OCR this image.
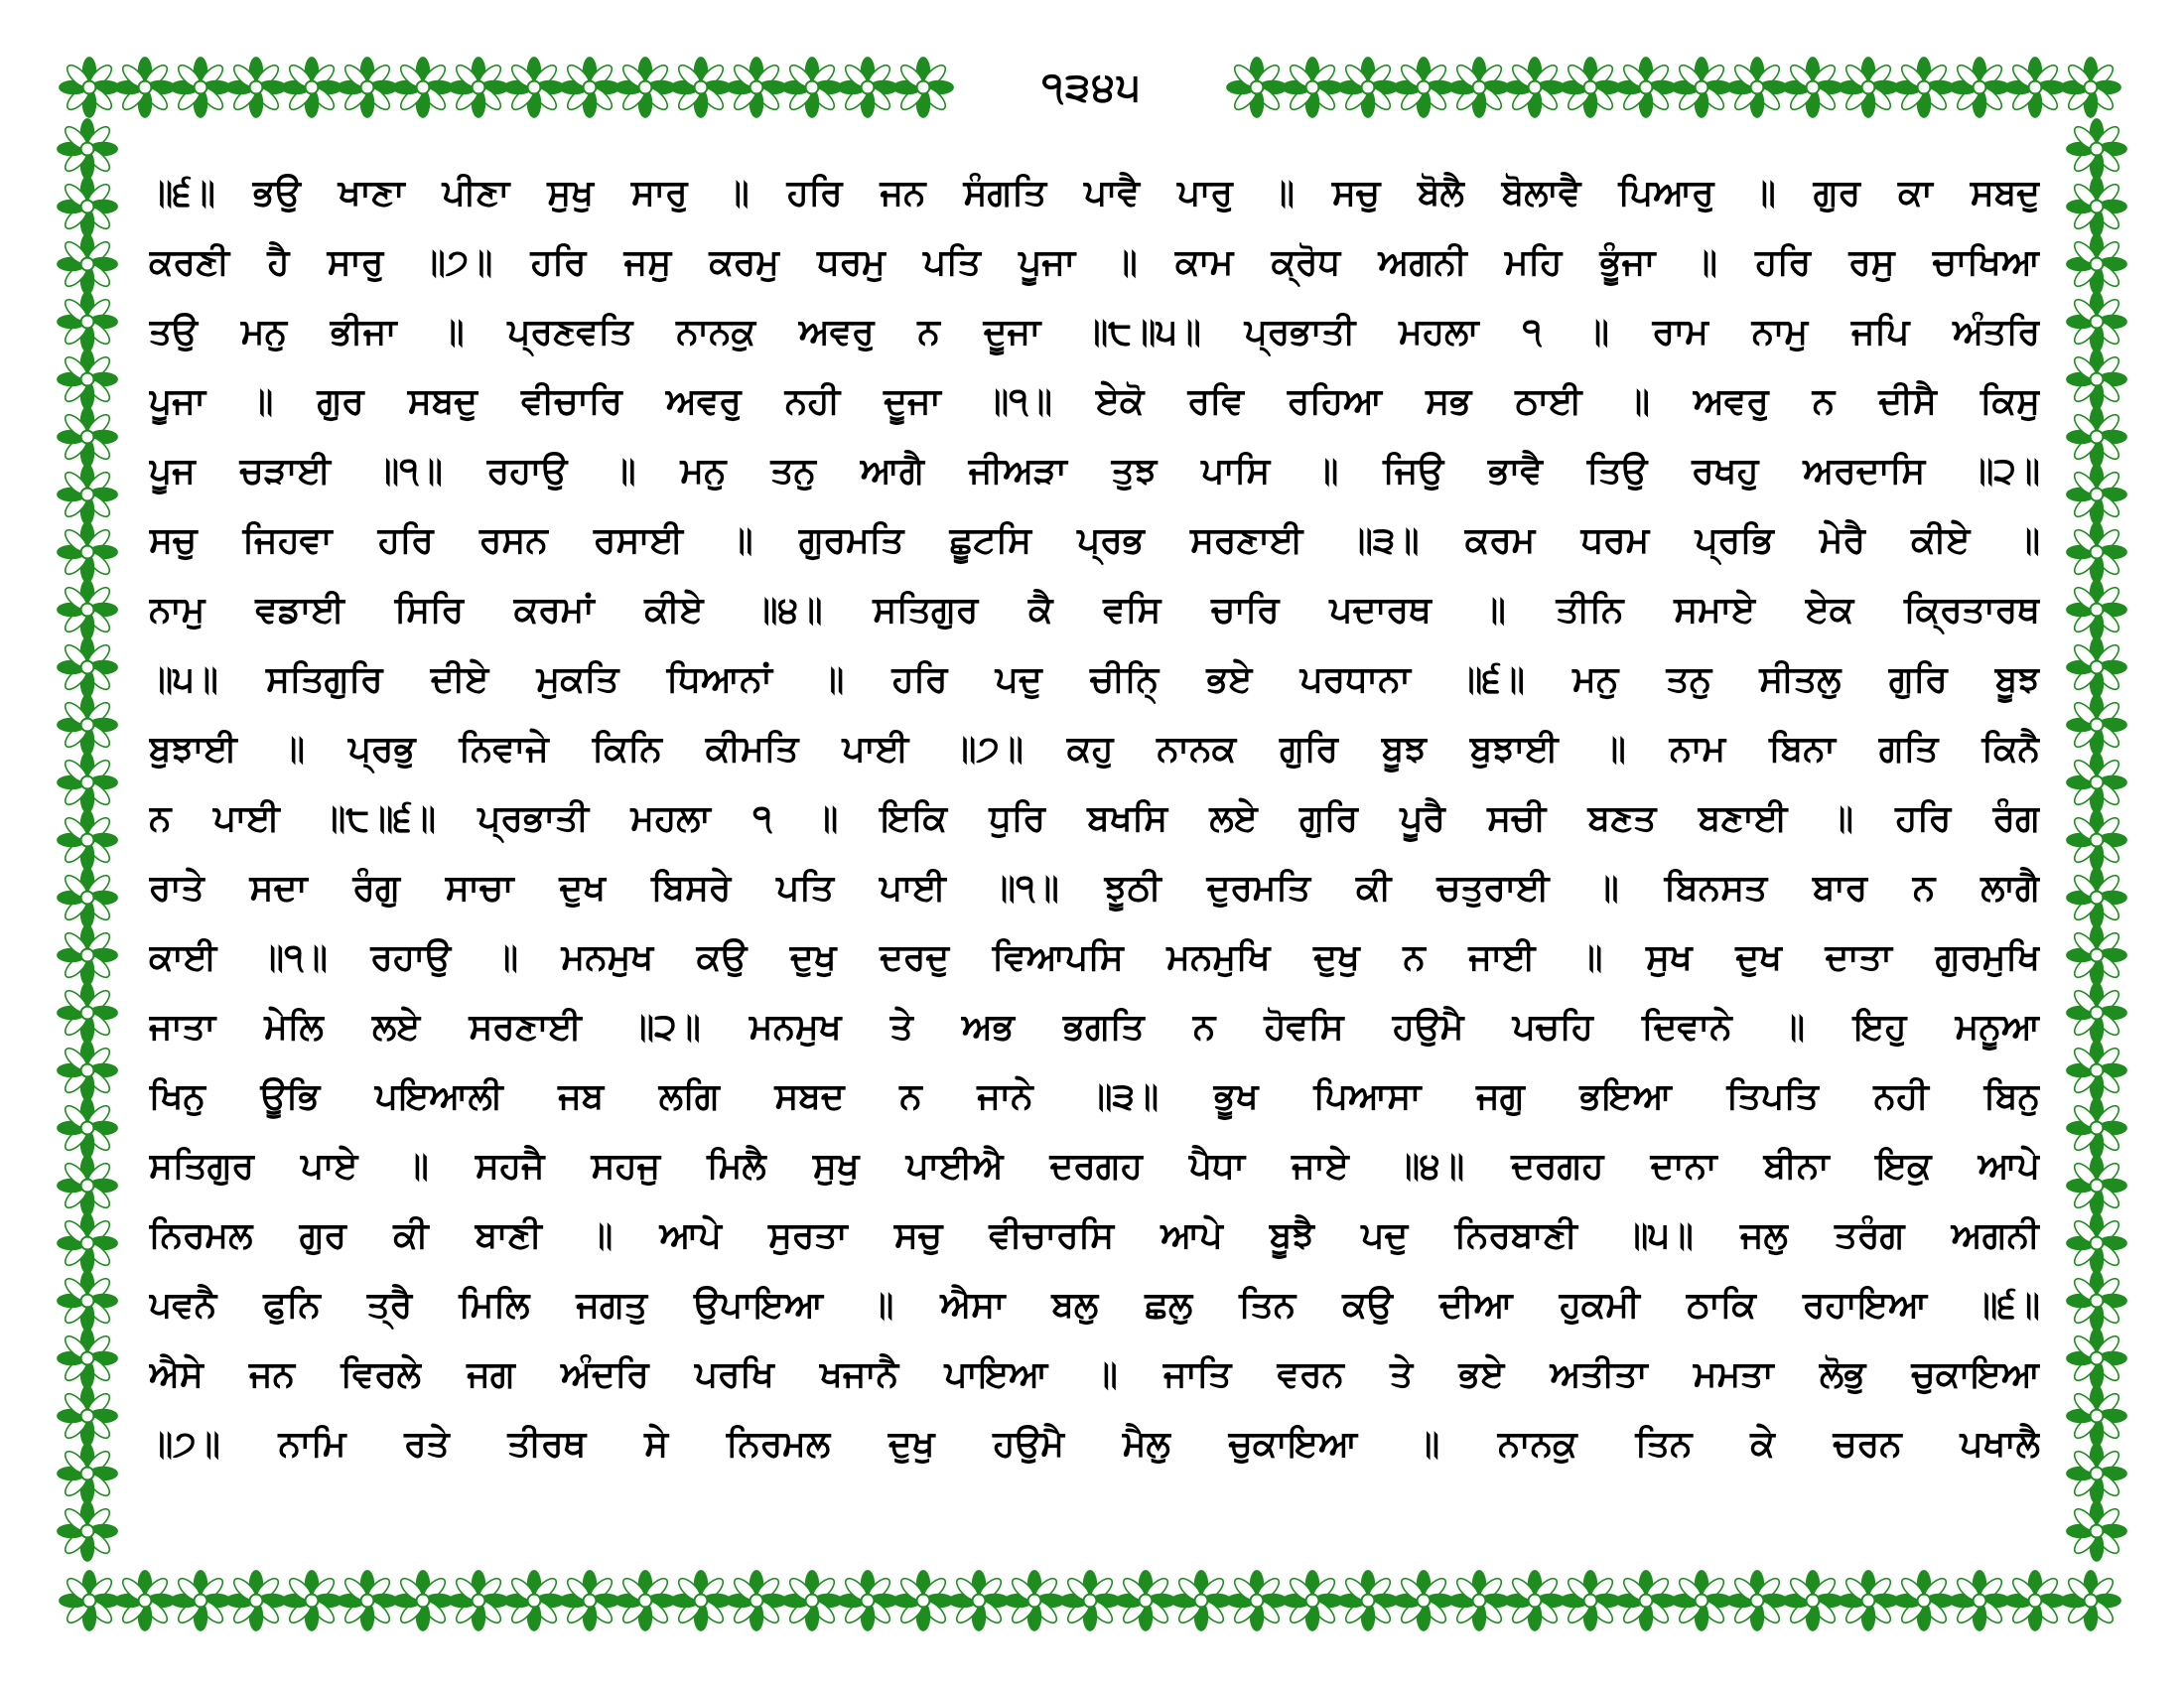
੧੩੪੫
॥੬॥ ਭਉ ਖਾਣਾ ਪੀਣਾ ਸੁਖੁ ਸਾਰੁ ॥ ਹਰਿ ਜਨ ਸੰਗਤਿ ਪਾਵੈ ਪਾਰੁ ॥ ਸਚੁ ਬੋਲੈ ਬੋਲਾਵੈ ਪਿਆਰੁ ॥ ਗੁਰ ਕਾ ਸਬਦੁ
ਕਰਣੀ ਹੈ ਸਾਰੁ ॥੭॥ ਹਰਿ ਜਸੁ ਕਰਮੁ ਧਰਮੁ ਪਤਿ ਪੂਜਾ ॥ ਕਾਮ ਕ੍ਰੋਧ ਅਗਨੀ ਮਹਿ ਭੂੰਜਾ ॥ ਹਰਿ ਰਸੁ ਚਾਖਿਆ
ਤਉ ਮਨੁ ਭੀਜਾ ॥ ਪ੍ਰਣਵਤਿ ਨਾਨਕੁ ਅਵਰੁ ਨ ਦੂਜਾ ॥੮॥੫॥ ਪ੍ਰਭਾਤੀ ਮਹਲਾ ੧ ॥ ਰਾਮ ਨਾਮੁ ਜਪਿ ਅੰਤਰਿ
ਪੂਜਾ ॥ ਗੁਰ ਸਬਦੁ ਵੀਚਾਰਿ ਅਵਰੁ ਨਹੀ ਦੂਜਾ ॥੧॥ ਏਕੋ ਰਵਿ ਰਹਿਆ ਸਭ ਠਾਈ ॥ ਅਵਰੁ ਨ ਦੀਸੈ ਕਿਸੁ
ਪੂਜ ਚੜਾਈ ॥੧॥ ਰਹਾਉ ॥ ਮਨੁ ਤਨੁ ਆਗੈ ਜੀਅੜਾ ਤੁਝ ਪਾਸਿ ॥ ਜਿਉ ਭਾਵੈ ਤਿਉ ਰਖਹੁ ਅਰਦਾਸਿ ॥੨॥
ਸਚੁ ਜਿਹਵਾ ਹਰਿ ਰਸਨ ਰਸਾਈ ॥ ਗੁਰਮਤਿ ਛੂਟਸਿ ਪ੍ਰਭ ਸਰਣਾਈ ॥੩॥ ਕਰਮ ਧਰਮ ਪ੍ਰਭਿ ਮੇਰੈ ਕੀਏ ॥
ਨਾਮੁ ਵਡਾਈ ਸਿਰਿ ਕਰਮਾਂ ਕੀਏ ॥੪॥ ਸਤਿਗੁਰ ਕੈ ਵਸਿ ਚਾਰਿ ਪਦਾਰਥ ॥ ਤੀਨਿ ਸਮਾਏ ਏਕ ਕ੍ਰਿਤਾਰਥ
॥੫॥ ਸਤਿਗੁਰਿ ਦੀਏ ਮੁਕਤਿ ਧਿਆਨਾਂ ॥ ਹਰਿ ਪਦੁ ਚੀਨਿ੍ ਭਏ ਪਰਧਾਨਾ ॥੬॥ ਮਨੁ ਤਨੁ ਸੀਤਲੁ ਗੁਰਿ ਬੂਝ
ਬੁਝਾਈ ॥ ਪ੍ਰਭੁ ਨਿਵਾਜੇ ਕਿਨਿ ਕੀਮਤਿ ਪਾਈ ॥੭॥ ਕਹੁ ਨਾਨਕ ਗੁਰਿ ਬੂਝ ਬੁਝਾਈ ॥ ਨਾਮ ਬਿਨਾ ਗਤਿ ਕਿਨੈ
ਨ ਪਾਈ ॥੮॥੬॥ ਪ੍ਰਭਾਤੀ ਮਹਲਾ ੧ ॥ ਇਕਿ ਧੁਰਿ ਬਖਸਿ ਲਏ ਗੁਰਿ ਪੂਰੈ ਸਚੀ ਬਣਤ ਬਣਾਈ ॥ ਹਰਿ ਰੰਗ
ਰਾਤੇ ਸਦਾ ਰੰਗੁ ਸਾਚਾ ਦੁਖ ਬਿਸਰੇ ਪਤਿ ਪਾਈ ॥੧॥ ਝੂਠੀ ਦੁਰਮਤਿ ਕੀ ਚਤੁਰਾਈ ॥ ਬਿਨਸਤ ਬਾਰ ਨ ਲਾਗੈ
ਕਾਈ ॥੧॥ ਰਹਾਉ ॥ ਮਨਮੁਖ ਕਉ ਦੁਖੁ ਦਰਦੁ ਵਿਆਪਸਿ ਮਨਮੁਖਿ ਦੁਖੁ ਨ ਜਾਈ ॥ ਸੁਖ ਦੁਖ ਦਾਤਾ ਗੁਰਮੁਖਿ
ਜਾਤਾ ਮੇਲਿ ਲਏ ਸਰਣਾਈ ॥੨॥ ਮਨਮੁਖ ਤੇ ਅਭ ਭਗਤਿ ਨ ਹੋਵਸਿ ਹਉਮੈ ਪਚਹਿ ਦਿਵਾਨੇ ॥ ਇਹੁ ਮਨੂਆ
ਖਿਨੁ ਊਭਿ ਪਇਆਲੀ ਜਬ ਲਗਿ ਸਬਦ ਨ ਜਾਨੇ ॥੩॥ ਭੂਖ ਪਿਆਸਾ ਜਗੁ ਭਇਆ ਤਿਪਤਿ ਨਹੀ ਬਿਨੁ
ਸਤਿਗੁਰ ਪਾਏ ॥ ਸਹਜੈ ਸਹਜੁ ਮਿਲੈ ਸੁਖੁ ਪਾਈਐ ਦਰਗਹ ਪੈਧਾ ਜਾਏ ॥੪॥ ਦਰਗਹ ਦਾਨਾ ਬੀਨਾ ਇਕੁ ਆਪੇ
ਨਿਰਮਲ ਗੁਰ ਕੀ ਬਾਣੀ ॥ ਆਪੇ ਸੁਰਤਾ ਸਚੁ ਵੀਚਾਰਸਿ ਆਪੇ ਬੂਝੈ ਪਦੁ ਨਿਰਬਾਣੀ ॥੫॥ ਜਲੁ ਤਰੰਗ ਅਗਨੀ
ਪਵਨੈ ਫੁਨਿ ਤ੍ਰੈ ਮਿਲਿ ਜਗਤੁ ਉਪਾਇਆ ॥ ਐਸਾ ਬਲੁ ਛਲੁ ਤਿਨ ਕਉ ਦੀਆ ਹੁਕਮੀ ਠਾਕਿ ਰਹਾਇਆ ॥੬॥
ਐਸੇ ਜਨ ਵਿਰਲੇ ਜਗ ਅੰਦਰਿ ਪਰਖਿ ਖਜਾਨੈ ਪਾਇਆ ॥ ਜਾਤਿ ਵਰਨ ਤੇ ਭਏ ਅਤੀਤਾ ਮਮਤਾ ਲੋਭੁ ਚੁਕਾਇਆ
॥੭॥ ਨਾਮਿ ਰਤੇ ਤੀਰਥ ਸੇ ਨਿਰਮਲ ਦੁਖੁ ਹਉਮੈ ਮੈਲੁ ਚੁਕਾਇਆ ॥ ਨਾਨਕੁ ਤਿਨ ਕੇ ਚਰਨ ਪਖਾਲੈ
